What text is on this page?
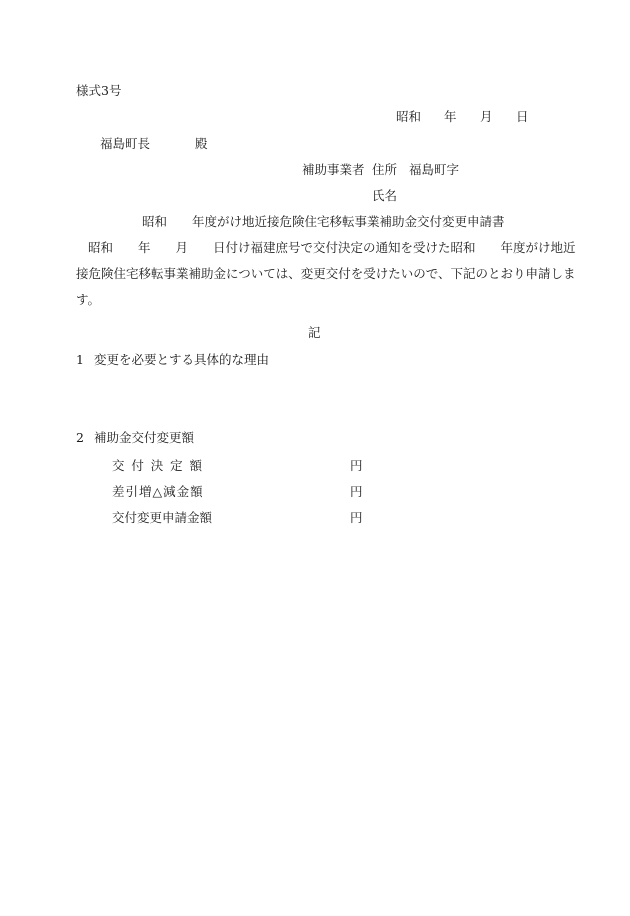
様式3号
昭和 年 月 日
福島町長	殿
補助事業者 住所 福島町字
氏名
昭和　　年度がけ地近接危険住宅移転事業補助金交付変更申請書
昭和　　年　　月　　日付け福建庶号で交付決定の通知を受けた昭和　　年度がけ地近
接危険住宅移転事業補助金については、変更交付を受けたいので、下記のとおり申請しま
す。
記
1 変更を必要とする具体的な理由
2 補助金交付変更額
交付決定額	円
差引増△減金額	円
交付変更申請金額	円
